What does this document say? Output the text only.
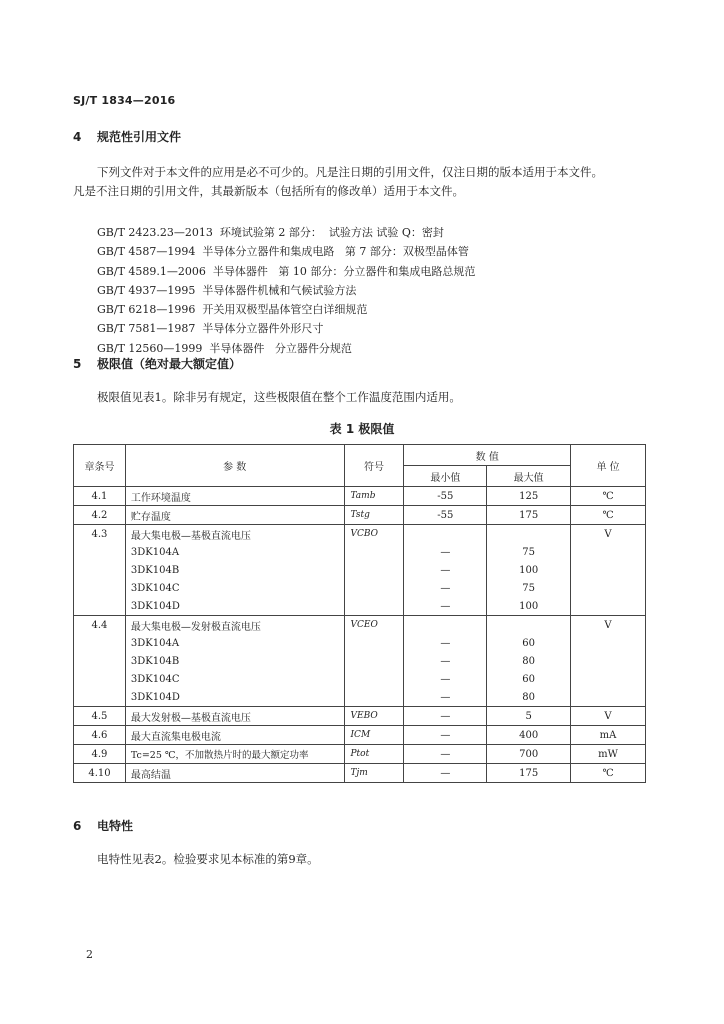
SJ/T 1834—2016
4 规范性引用文件
下列文件对于本文件的应用是必不可少的。凡是注日期的引用文件，仅注日期的版本适用于本文件。
凡是不注日期的引用文件，其最新版本（包括所有的修改单）适用于本文件。
GB/T 2423.23—2013  环境试验第 2 部分：  试验方法 试验 Q：密封
GB/T 4587—1994  半导体分立器件和集成电路   第 7 部分：双极型晶体管
GB/T 4589.1—2006  半导体器件   第 10 部分：分立器件和集成电路总规范
GB/T 4937—1995  半导体器件机械和气候试验方法
GB/T 6218—1996  开关用双极型晶体管空白详细规范
GB/T 7581—1987  半导体分立器件外形尺寸
GB/T 12560—1999  半导体器件   分立器件分规范
5 极限值（绝对最大额定值）
极限值见表1。除非另有规定，这些极限值在整个工作温度范围内适用。
表 1 极限值
章条号	参 数	符号	数 值		单 位
			最小值	最大值	
4.1	工作环境温度	Tamb	-55	125	℃
4.2	贮存温度	Tstg	-55	175	℃
4.3	最大集电极—基极直流电压	VCBO			V
	3DK104A		—	75	
	3DK104B		—	100	
	3DK104C		—	75	
	3DK104D		—	100	
4.4	最大集电极—发射极直流电压	VCEO			V
	3DK104A		—	60	
	3DK104B		—	80	
	3DK104C		—	60	
	3DK104D		—	80	
4.5	最大发射极—基极直流电压	VEBO	—	5	V
4.6	最大直流集电极电流	ICM	—	400	mA
4.9	Tc=25 ℃，不加散热片时的最大额定功率	Ptot	—	700	mW
4.10	最高结温	Tjm	—	175	℃
6 电特性
电特性见表2。检验要求见本标准的第9章。
2
